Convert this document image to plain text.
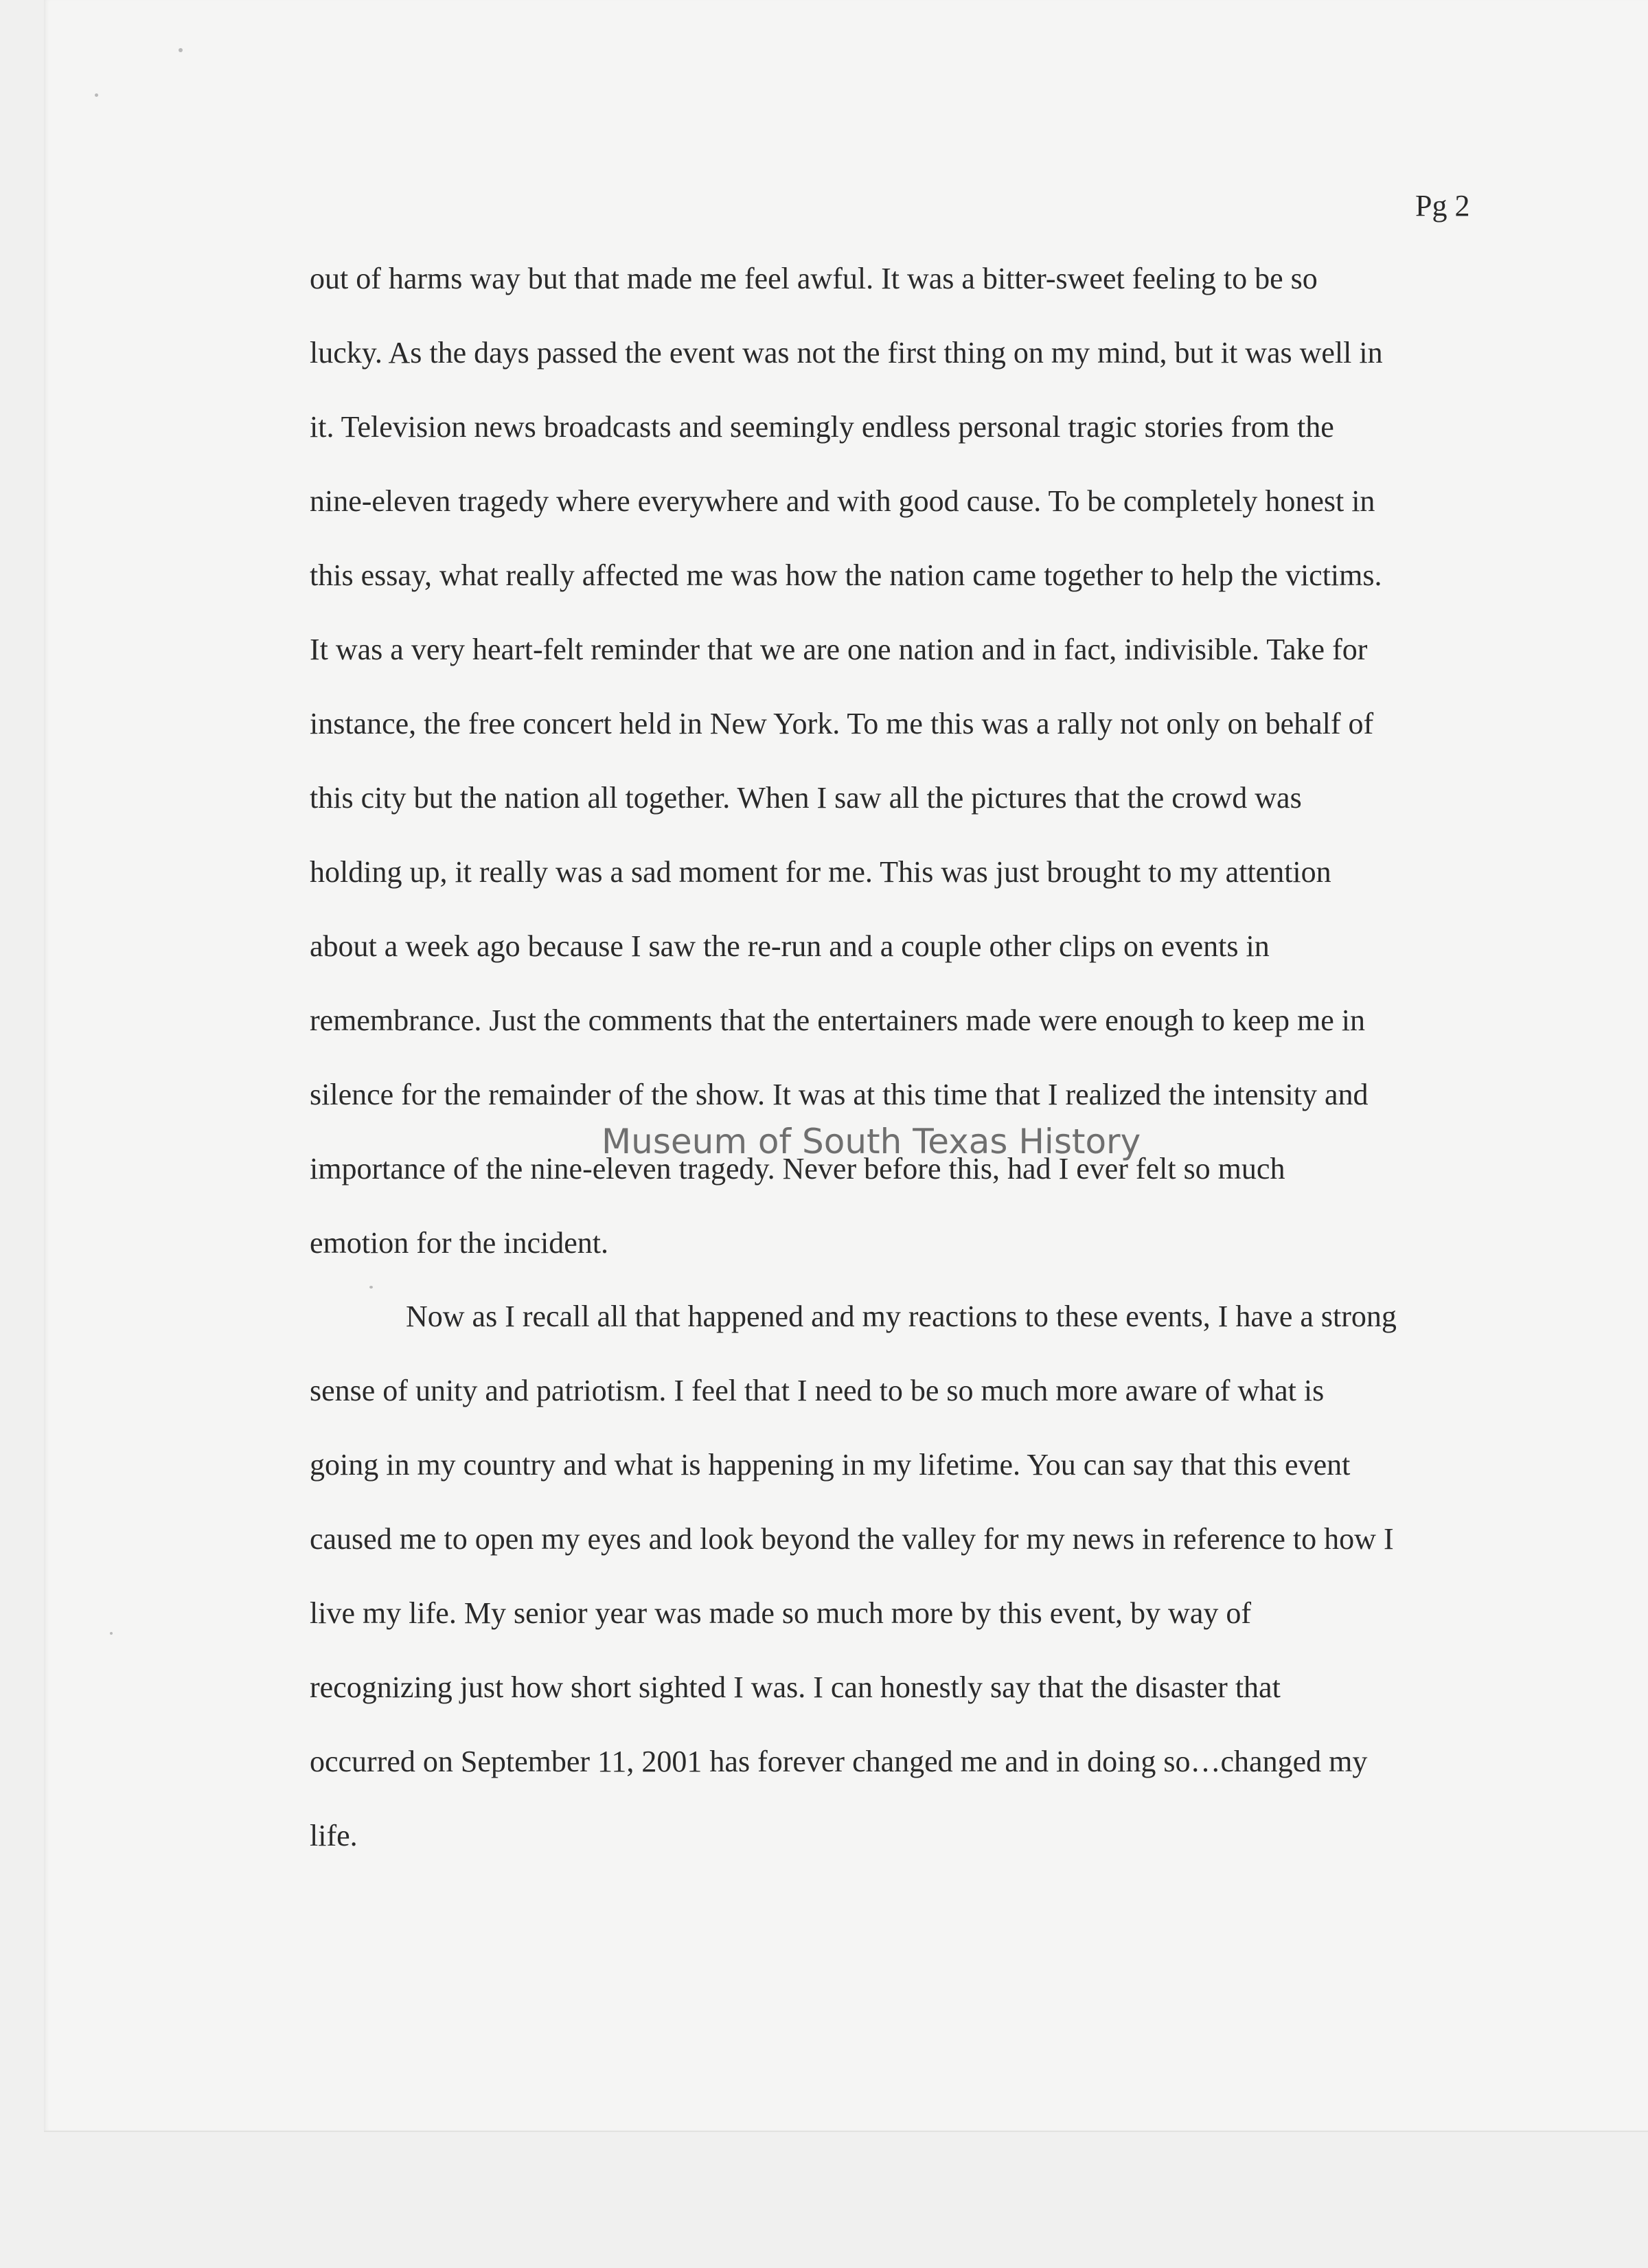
Pg 2

out of harms way but that made me feel awful. It was a bitter-sweet feeling to be so
lucky. As the days passed the event was not the first thing on my mind, but it was well in
it. Television news broadcasts and seemingly endless personal tragic stories from the
nine-eleven tragedy where everywhere and with good cause. To be completely honest in
this essay, what really affected me was how the nation came together to help the victims.
It was a very heart-felt reminder that we are one nation and in fact, indivisible. Take for
instance, the free concert held in New York. To me this was a rally not only on behalf of
this city but the nation all together. When I saw all the pictures that the crowd was
holding up, it really was a sad moment for me. This was just brought to my attention
about a week ago because I saw the re-run and a couple other clips on events in
remembrance. Just the comments that the entertainers made were enough to keep me in
silence for the remainder of the show. It was at this time that I realized the intensity and
importance of the nine-eleven tragedy. Never before this, had I ever felt so much
emotion for the incident.

Now as I recall all that happened and my reactions to these events, I have a strong
sense of unity and patriotism. I feel that I need to be so much more aware of what is
going in my country and what is happening in my lifetime. You can say that this event
caused me to open my eyes and look beyond the valley for my news in reference to how I
live my life. My senior year was made so much more by this event, by way of
recognizing just how short sighted I was. I can honestly say that the disaster that
occurred on September 11, 2001 has forever changed me and in doing so…changed my
life.

Museum of South Texas History
